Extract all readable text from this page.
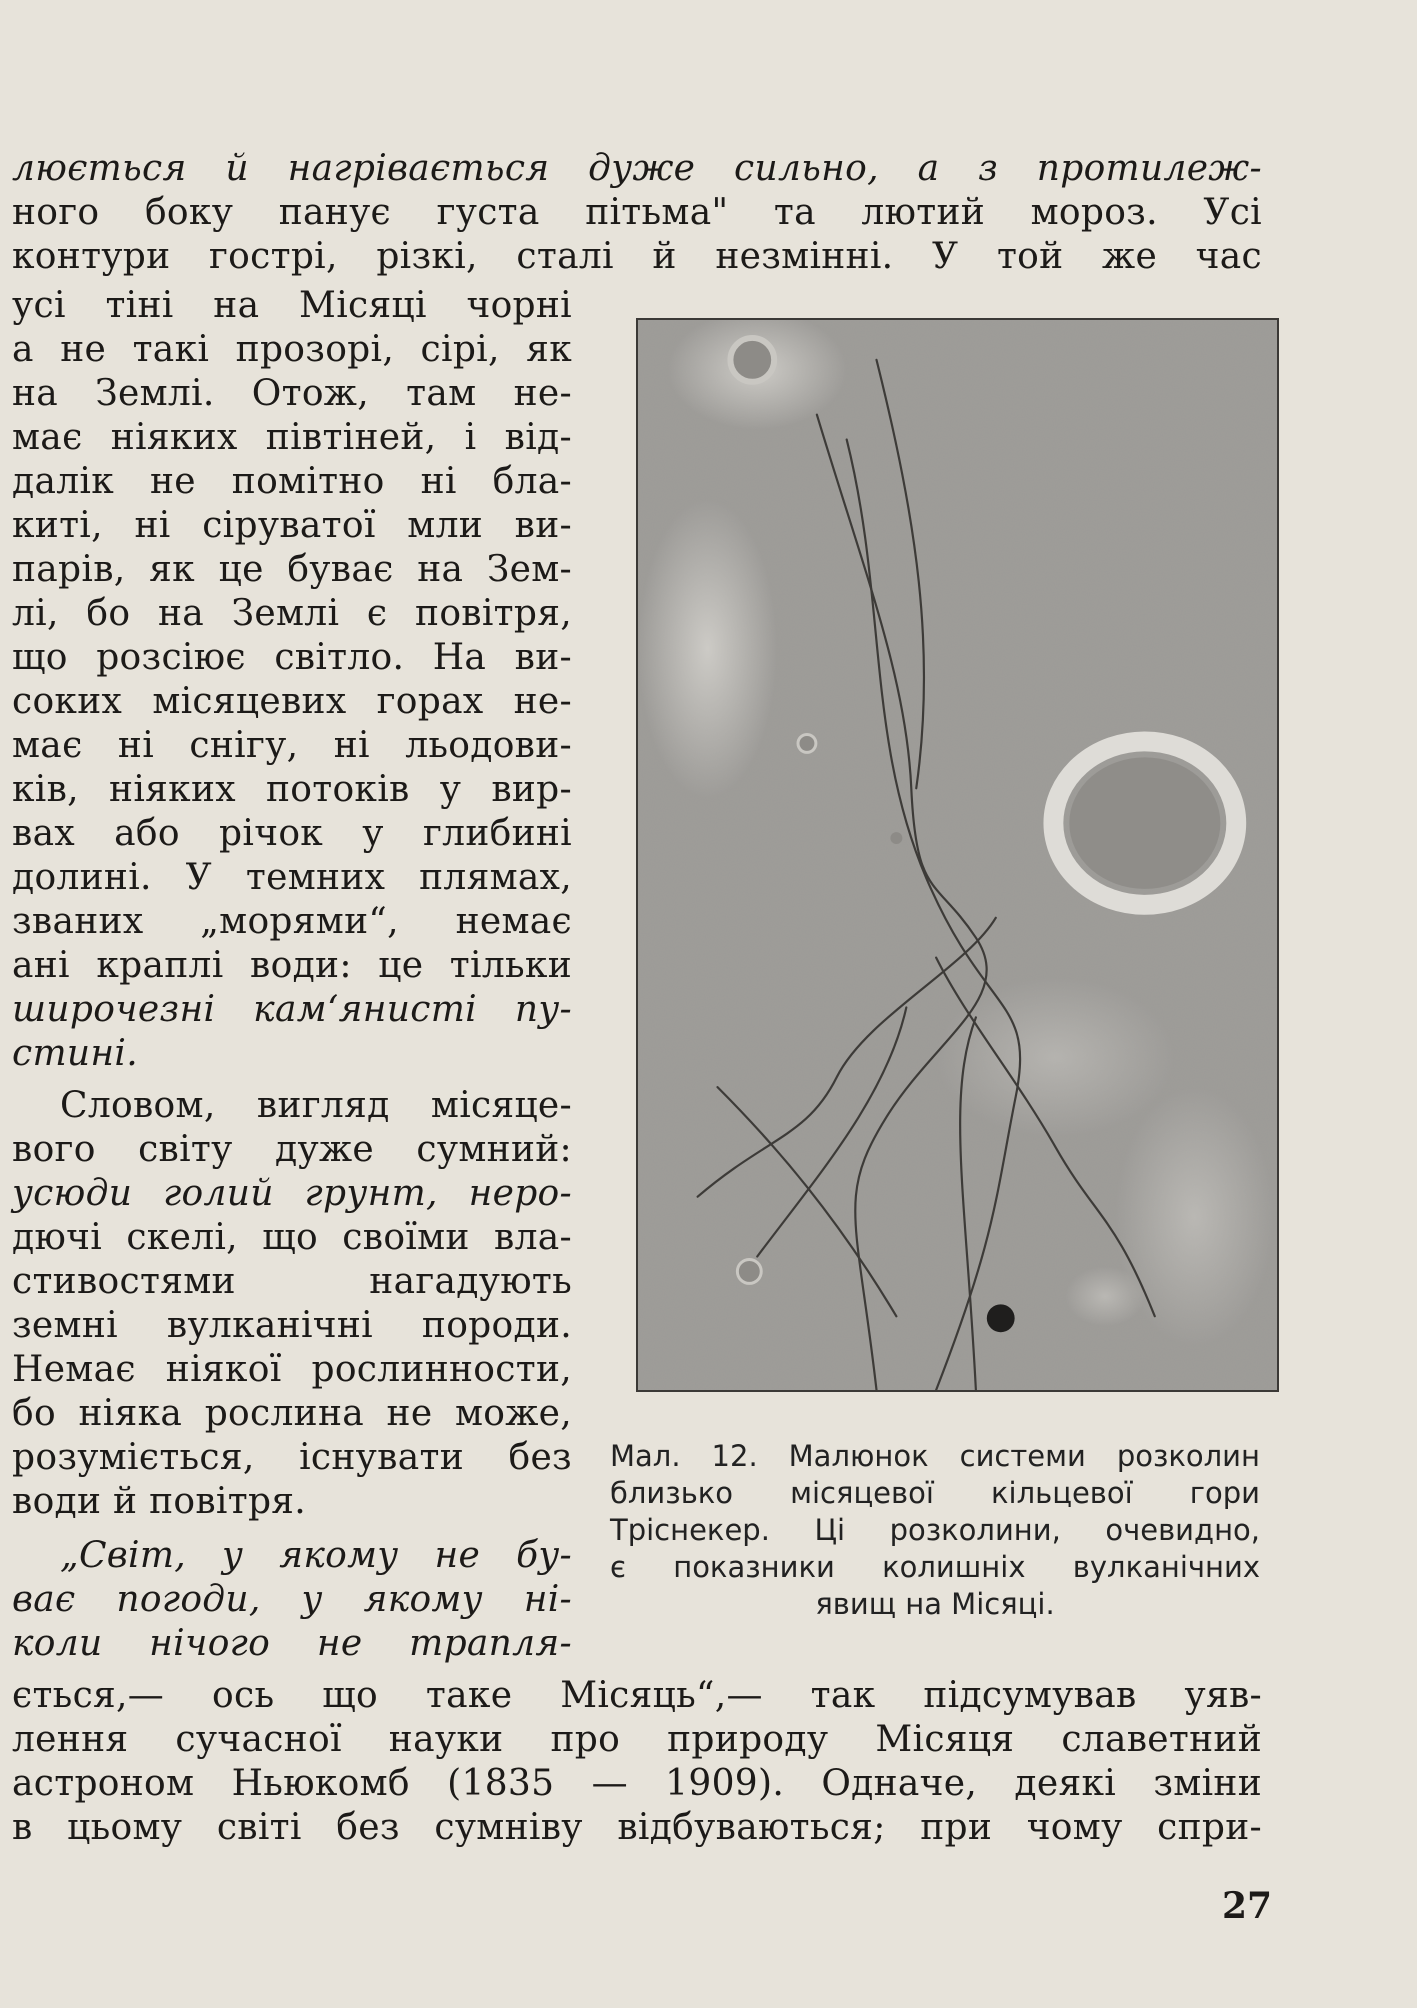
люється й нагрівається дуже сильно, а з протилеж-
ного боку панує густа пітьма" та лютий мороз. Усі
контури гострі, різкі, сталі й незмінні. У той же час
усі тіні на Місяці чорні
а не такі прозорі, сірі, як
на Землі. Отож, там не-
має ніяких півтіней, і від-
далік не помітно ні бла-
киті, ні сіруватої мли ви-
парів, як це буває на Зем-
лі, бо на Землі є повітря,
що розсіює світло. На ви-
соких місяцевих горах не-
має ні снігу, ні льодови-
ків, ніяких потоків у вир-
вах або річок у глибині
долині. У темних плямах,
званих „морями“, немає
ані краплі води: це тільки
широчезні кам‘янисті пу-
стині.
Словом, вигляд місяце-
вого світу дуже сумний:
усюди голий грунт, неро-
дючі скелі, що своїми вла-
стивостями нагадують
земні вулканічні породи.
Немає ніякої рослинности,
бо ніяка рослина не може,
розуміється, існувати без
води й повітря.
„Світ, у якому не бу-
ває погоди, у якому ні-
коли нічого не трапля-
ється,— ось що таке Місяць“,— так підсумував уяв-
лення сучасної науки про природу Місяця славетний
астроном Ньюкомб (1835 — 1909). Одначе, деякі зміни
в цьому світі без сумніву відбуваються; при чому спри-
Мал. 12. Малюнок системи розколин
близько місяцевої кільцевої гори
Тріснекер. Ці розколини, очевидно,
є показники колишніх вулканічних
явищ на Місяці.
27
